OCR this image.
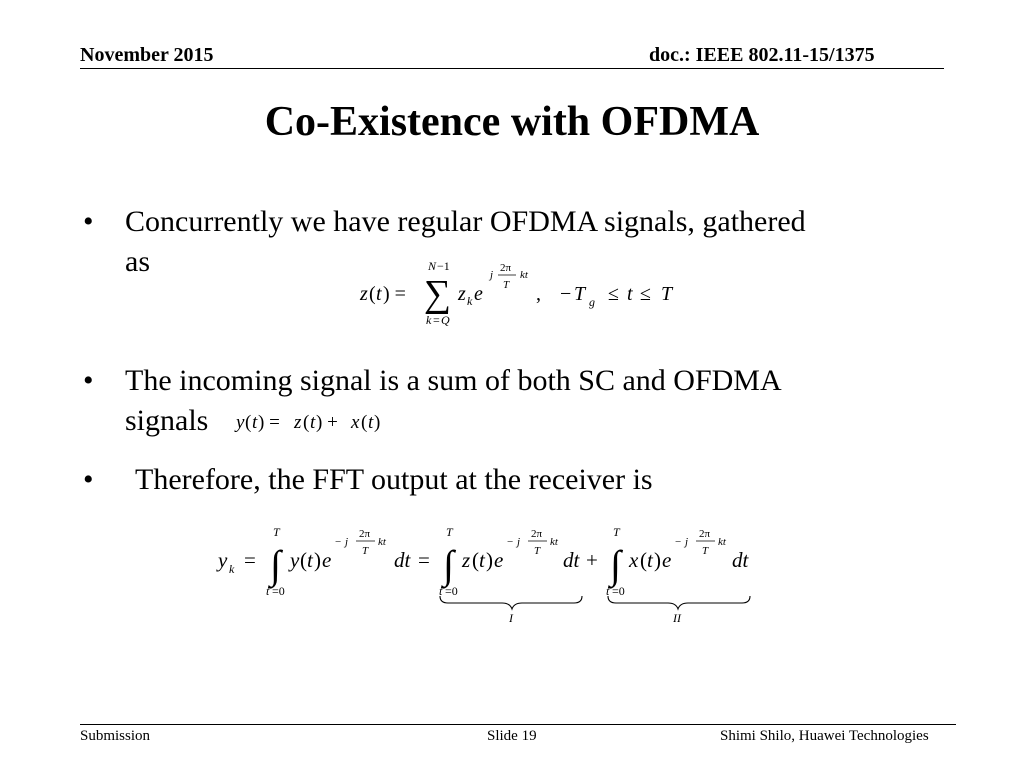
November 2015	doc.: IEEE 802.11-15/1375
Co-Existence with OFDMA
• Concurrently we have regular OFDMA signals, gathered
as
z ( t ) =
N −1
∑
k = Q
z k e
j
2π
T
kt
, − T g ≤ t ≤ T
• The incoming signal is a sum of both SC and OFDMA
signals y ( t ) = z ( t ) + x ( t )
• Therefore, the FFT output at the receiver is
y k =
T
∫
t =0
y ( t ) e
− j
2π
T
kt
dt =
T
∫
t =0
z ( t ) e
− j
2π
T
kt
dt +
T
∫
t =0
x ( t ) e
− j
2π
T
kt
dt
I	II
Submission	Slide 19	Shimi Shilo, Huawei Technologies
